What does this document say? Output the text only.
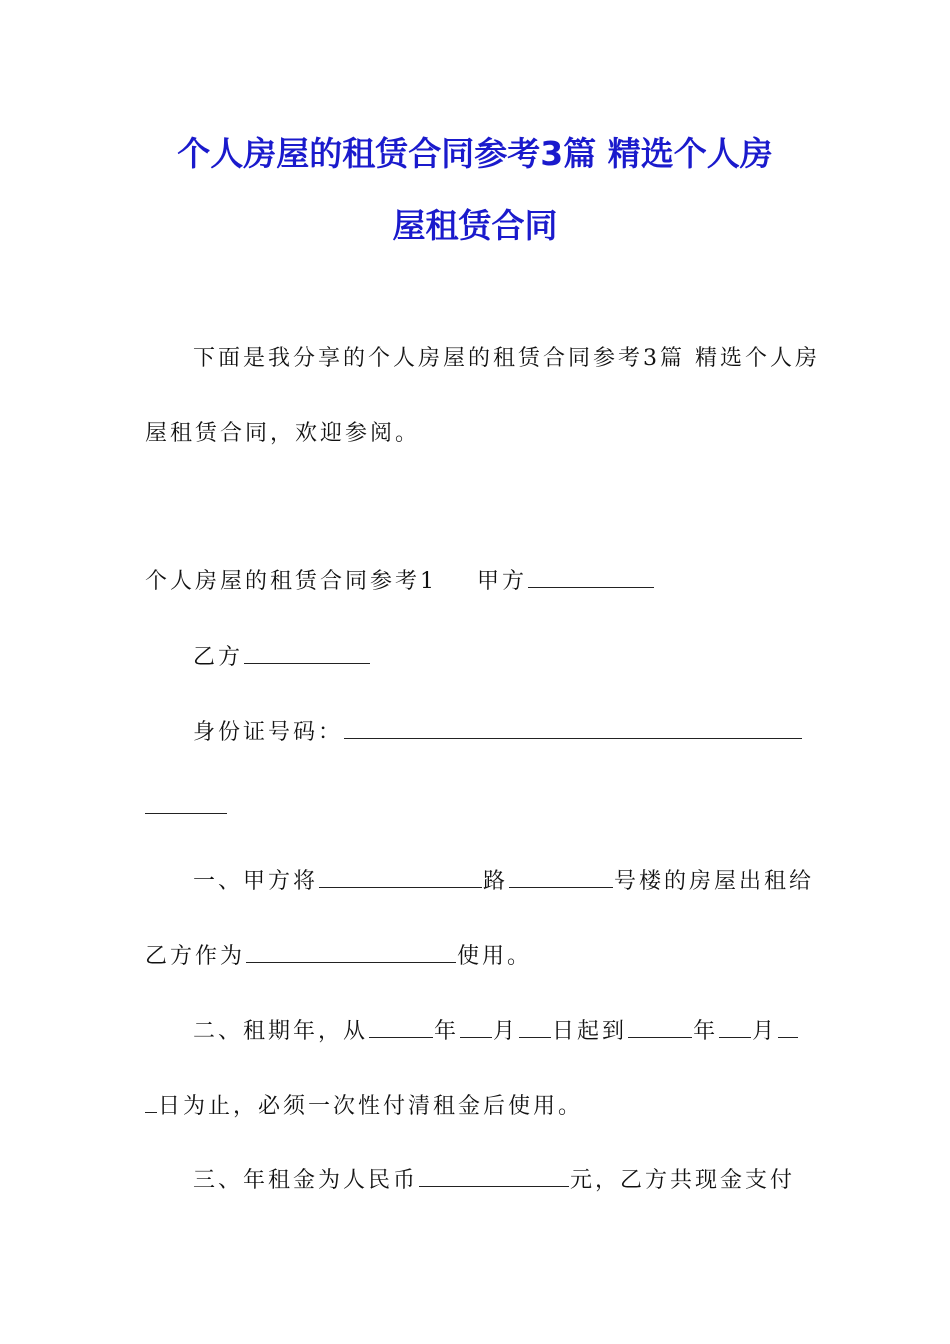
个人房屋的租赁合同参考3篇 精选个人房
屋租赁合同
下面是我分享的个人房屋的租赁合同参考3篇 精选个人房
屋租赁合同，欢迎参阅。
个人房屋的租赁合同参考1 甲方
乙方
身份证号码：
一、甲方将	路	号楼的房屋出租给
乙方作为	使用。
二、租期年，从	年 月 日起到	年 月
日为止，必须一次性付清租金后使用。
三、年租金为人民币	元，乙方共现金支付
